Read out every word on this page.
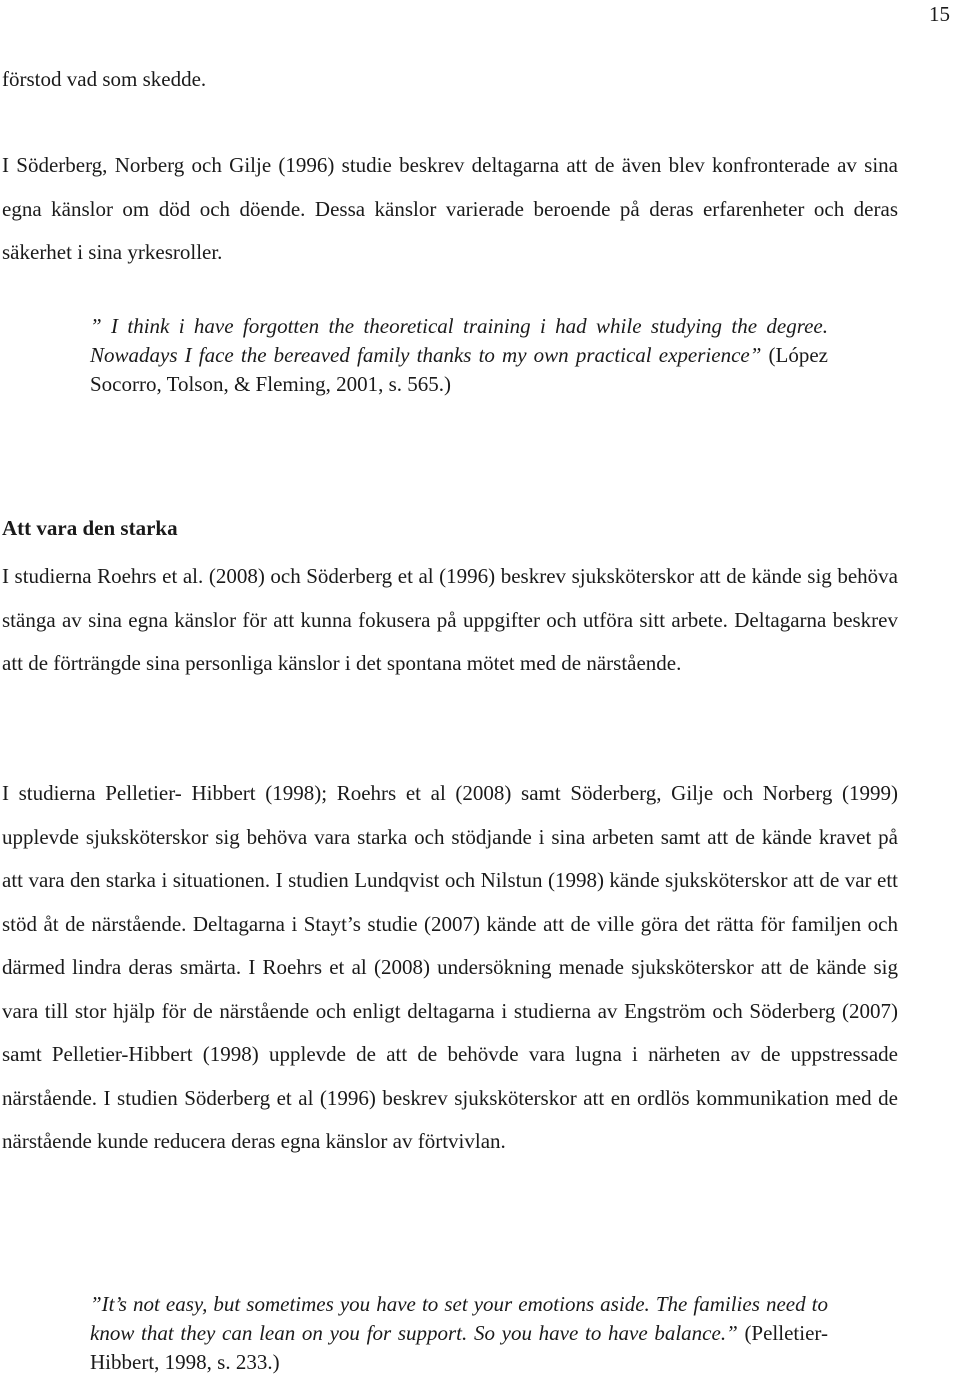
15

förstod vad som skedde.

I Söderberg, Norberg och Gilje (1996) studie beskrev deltagarna att de även blev konfronterade av sina egna känslor om död och döende. Dessa känslor varierade beroende på deras erfarenheter och deras säkerhet i sina yrkesroller.

” I think i have forgotten the theoretical training i had while studying the degree. Nowadays I face the bereaved family thanks to my own practical experience” (López Socorro, Tolson, & Fleming, 2001, s. 565.)

Att vara den starka

I studierna Roehrs et al. (2008) och Söderberg et al (1996) beskrev sjuksköterskor att de kände sig behöva stänga av sina egna känslor för att kunna fokusera på uppgifter och utföra sitt arbete. Deltagarna beskrev att de förträngde sina personliga känslor i det spontana mötet med de närstående.

I studierna Pelletier- Hibbert (1998); Roehrs et al (2008) samt Söderberg, Gilje och Norberg (1999) upplevde sjuksköterskor sig behöva vara starka och stödjande i sina arbeten samt att de kände kravet på att vara den starka i situationen. I studien Lundqvist och Nilstun (1998) kände sjuksköterskor att de var ett stöd åt de närstående. Deltagarna i Stayt’s studie (2007) kände att de ville göra det rätta för familjen och därmed lindra deras smärta. I Roehrs et al (2008) undersökning menade sjuksköterskor att de kände sig vara till stor hjälp för de närstående och enligt deltagarna i studierna av Engström och Söderberg (2007) samt Pelletier-Hibbert (1998) upplevde de att de behövde vara lugna i närheten av de uppstressade närstående. I studien Söderberg et al (1996) beskrev sjuksköterskor att en ordlös kommunikation med de närstående kunde reducera deras egna känslor av förtvivlan.

”It’s not easy, but sometimes you have to set your emotions aside. The families need to know that they can lean on you for support. So you have to have balance.” (Pelletier-Hibbert, 1998, s. 233.)
